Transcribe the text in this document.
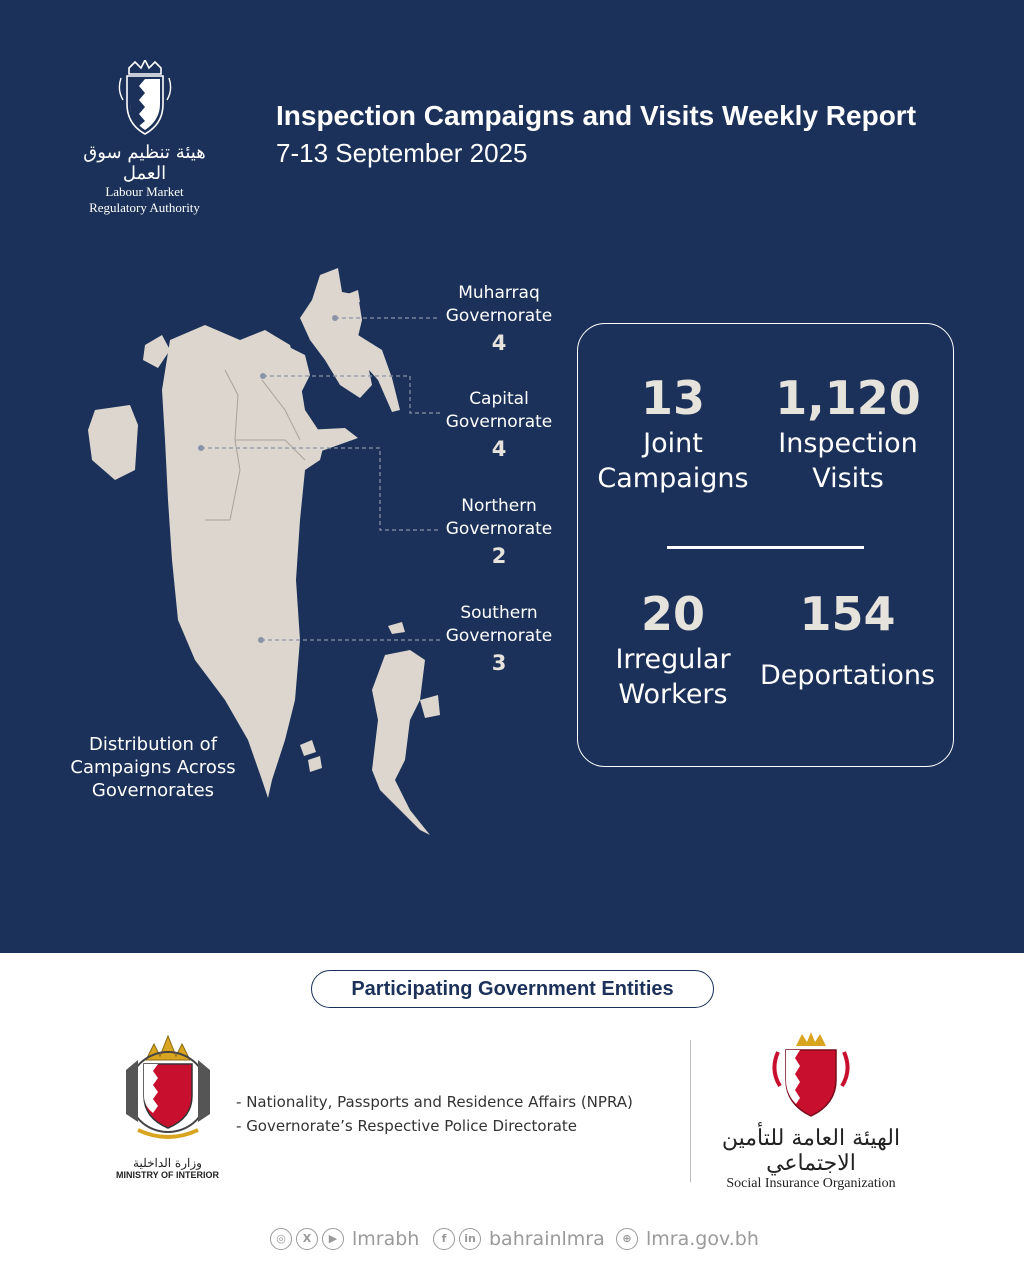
هيئة تنظيم سوق العمل
Labour Market
Regulatory Authority
Inspection Campaigns and Visits Weekly Report
7-13 September 2025
Muharraq
Governorate
4
Capital
Governorate
4
Northern
Governorate
2
Southern
Governorate
3
Distribution of
Campaigns Across
Governorates
13
Joint
Campaigns
1,120
Inspection
Visits
20
Irregular
Workers
154
Deportations
Participating Government Entities
وزارة الداخلية
MINISTRY OF INTERIOR
- Nationality, Passports and Residence Affairs (NPRA)
- Governorate’s Respective Police Directorate	الهيئة العامة للتأمين الاجتماعي
Social Insurance Organization
◎	X	▶ lmrabh	f	in bahrainlmra	⊕ lmra.gov.bh
